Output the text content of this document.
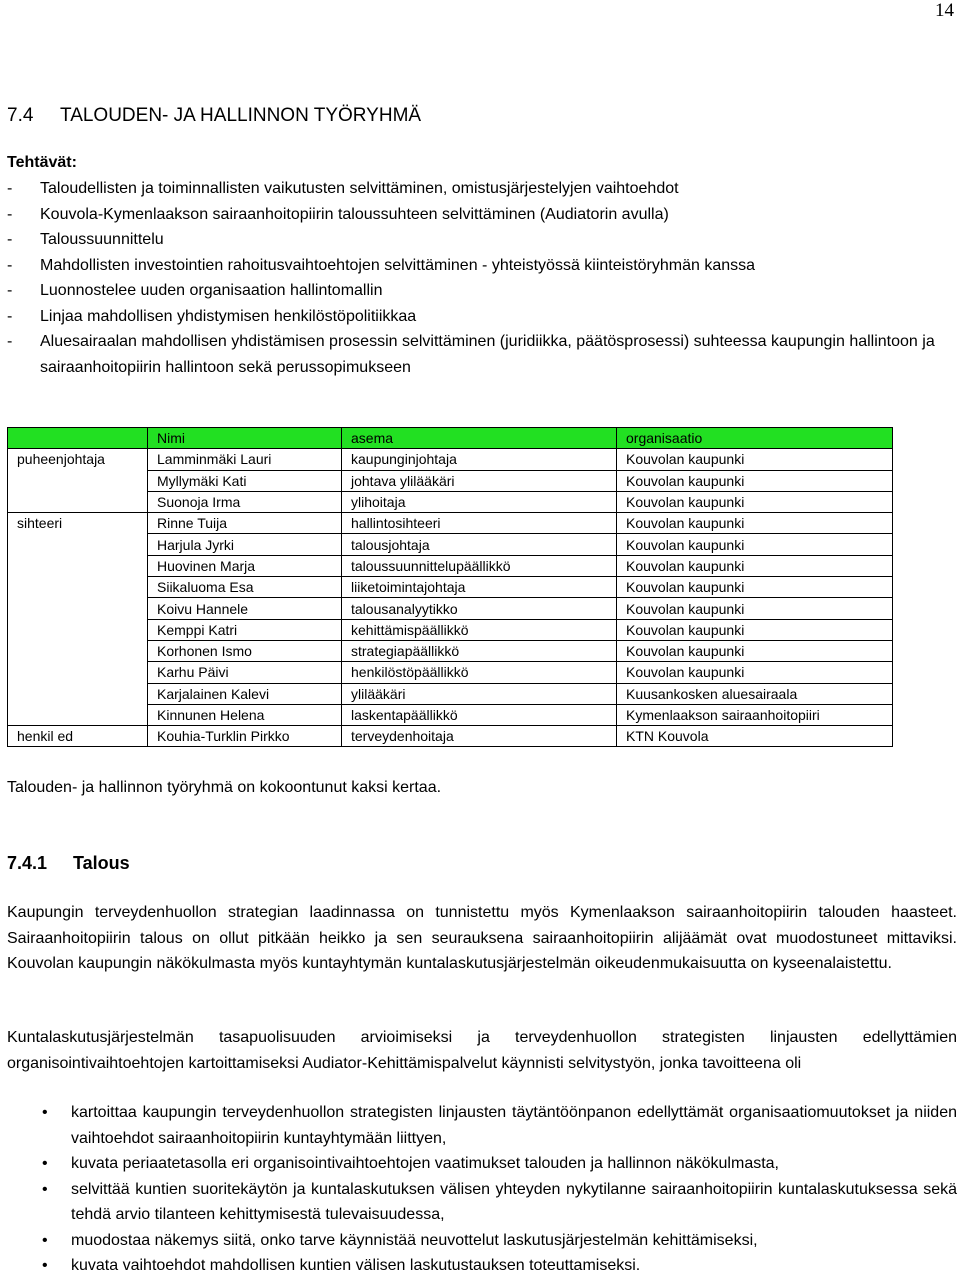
14
7.4 TALOUDEN- JA HALLINNON TYÖRYHMÄ
Tehtävät:
- Taloudellisten ja toiminnallisten vaikutusten selvittäminen, omistusjärjestelyjen vaihtoehdot
- Kouvola-Kymenlaakson sairaanhoitopiirin taloussuhteen selvittäminen (Audiatorin avulla)
- Taloussuunnittelu
- Mahdollisten investointien rahoitusvaihtoehtojen selvittäminen - yhteistyössä kiinteistöryhmän kanssa
- Luonnostelee uuden organisaation hallintomallin
- Linjaa mahdollisen yhdistymisen henkilöstöpolitiikkaa
- Aluesairaalan mahdollisen yhdistämisen prosessin selvittäminen (juridiikka, päätösprosessi) suhteessa kaupungin hallintoon ja sairaanhoitopiirin hallintoon sekä perussopimukseen
	Nimi	asema	organisaatio
puheenjohtaja	Lamminmäki Lauri	kaupunginjohtaja	Kouvolan kaupunki
	Myllymäki Kati	johtava ylilääkäri	Kouvolan kaupunki
	Suonoja Irma	ylihoitaja	Kouvolan kaupunki
sihteeri	Rinne Tuija	hallintosihteeri	Kouvolan kaupunki
	Harjula Jyrki	talousjohtaja	Kouvolan kaupunki
	Huovinen Marja	taloussuunnittelupäällikkö	Kouvolan kaupunki
	Siikaluoma Esa	liiketoimintajohtaja	Kouvolan kaupunki
	Koivu Hannele	talousanalyytikko	Kouvolan kaupunki
	Kemppi Katri	kehittämispäällikkö	Kouvolan kaupunki
	Korhonen Ismo	strategiapäällikkö	Kouvolan kaupunki
	Karhu Päivi	henkilöstöpäällikkö	Kouvolan kaupunki
	Karjalainen Kalevi	ylilääkäri	Kuusankosken aluesairaala
	Kinnunen Helena	laskentapäällikkö	Kymenlaakson sairaanhoitopiiri
henkil ed	Kouhia-Turklin Pirkko	terveydenhoitaja	KTN Kouvola
Talouden- ja hallinnon työryhmä on kokoontunut kaksi kertaa.
7.4.1 Talous

Kaupungin terveydenhuollon strategian laadinnassa on tunnistettu myös Kymenlaakson sairaanhoitopiirin talouden haasteet. Sairaanhoitopiirin talous on ollut pitkään heikko ja sen seurauksena sairaanhoitopiirin alijäämät ovat muodostuneet mittaviksi. Kouvolan kaupungin näkökulmasta myös kuntayhtymän kuntalaskutusjärjestelmän oikeudenmukaisuutta on kyseenalaistettu.

Kuntalaskutusjärjestelmän tasapuolisuuden arvioimiseksi ja terveydenhuollon strategisten linjausten edellyttämien organisointivaihtoehtojen kartoittamiseksi Audiator-Kehittämispalvelut käynnisti selvitystyön, jonka tavoitteena oli

• kartoittaa kaupungin terveydenhuollon strategisten linjausten täytäntöönpanon edellyttämät organisaatiomuutokset ja niiden vaihtoehdot sairaanhoitopiirin kuntayhtymään liittyen,
• kuvata periaatetasolla eri organisointivaihtoehtojen vaatimukset talouden ja hallinnon näkökulmasta,
• selvittää kuntien suoritekäytön ja kuntalaskutuksen välisen yhteyden nykytilanne sairaanhoitopiirin kuntalaskutuksessa sekä tehdä arvio tilanteen kehittymisestä tulevaisuudessa,
• muodostaa näkemys siitä, onko tarve käynnistää neuvottelut laskutusjärjestelmän kehittämiseksi,
• kuvata vaihtoehdot mahdollisen kuntien välisen laskutustauksen toteuttamiseksi.
